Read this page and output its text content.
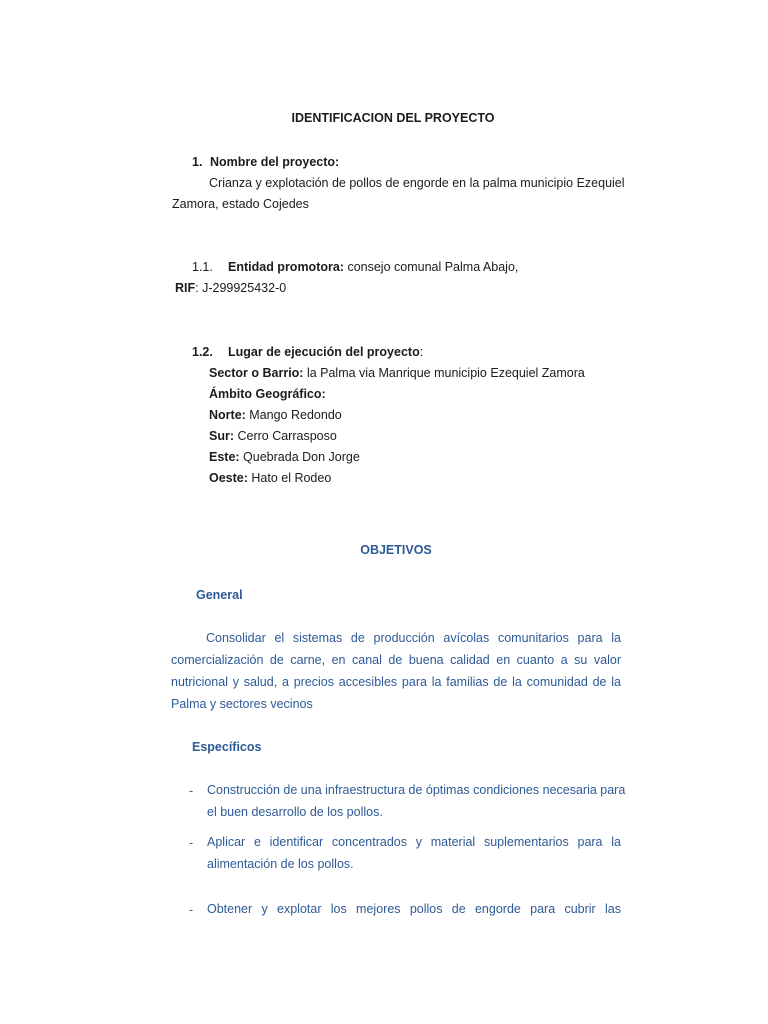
IDENTIFICACION DEL PROYECTO
1. Nombre del proyecto:
Crianza y explotación de pollos de engorde en la palma municipio Ezequiel
Zamora, estado Cojedes
1.1. Entidad promotora: consejo comunal Palma Abajo,
RIF: J-299925432-0
1.2. Lugar de ejecución del proyecto:
Sector o Barrio: la Palma via Manrique municipio Ezequiel Zamora
Ámbito Geográfico:
Norte: Mango Redondo
Sur: Cerro Carrasposo
Este: Quebrada Don Jorge
Oeste: Hato el Rodeo
OBJETIVOS
General
Consolidar el sistemas de producción avícolas comunitarios para la
comercialización de carne, en canal de buena calidad en cuanto a su valor
nutricional y salud, a precios accesibles para la familias de la comunidad de la
Palma y sectores vecinos
Específicos
- Construcción de una infraestructura de óptimas condiciones necesaria para
el buen desarrollo de los pollos.
- Aplicar e identificar concentrados y material suplementarios para la
alimentación de los pollos.
- Obtener y explotar los mejores pollos de engorde para cubrir las
